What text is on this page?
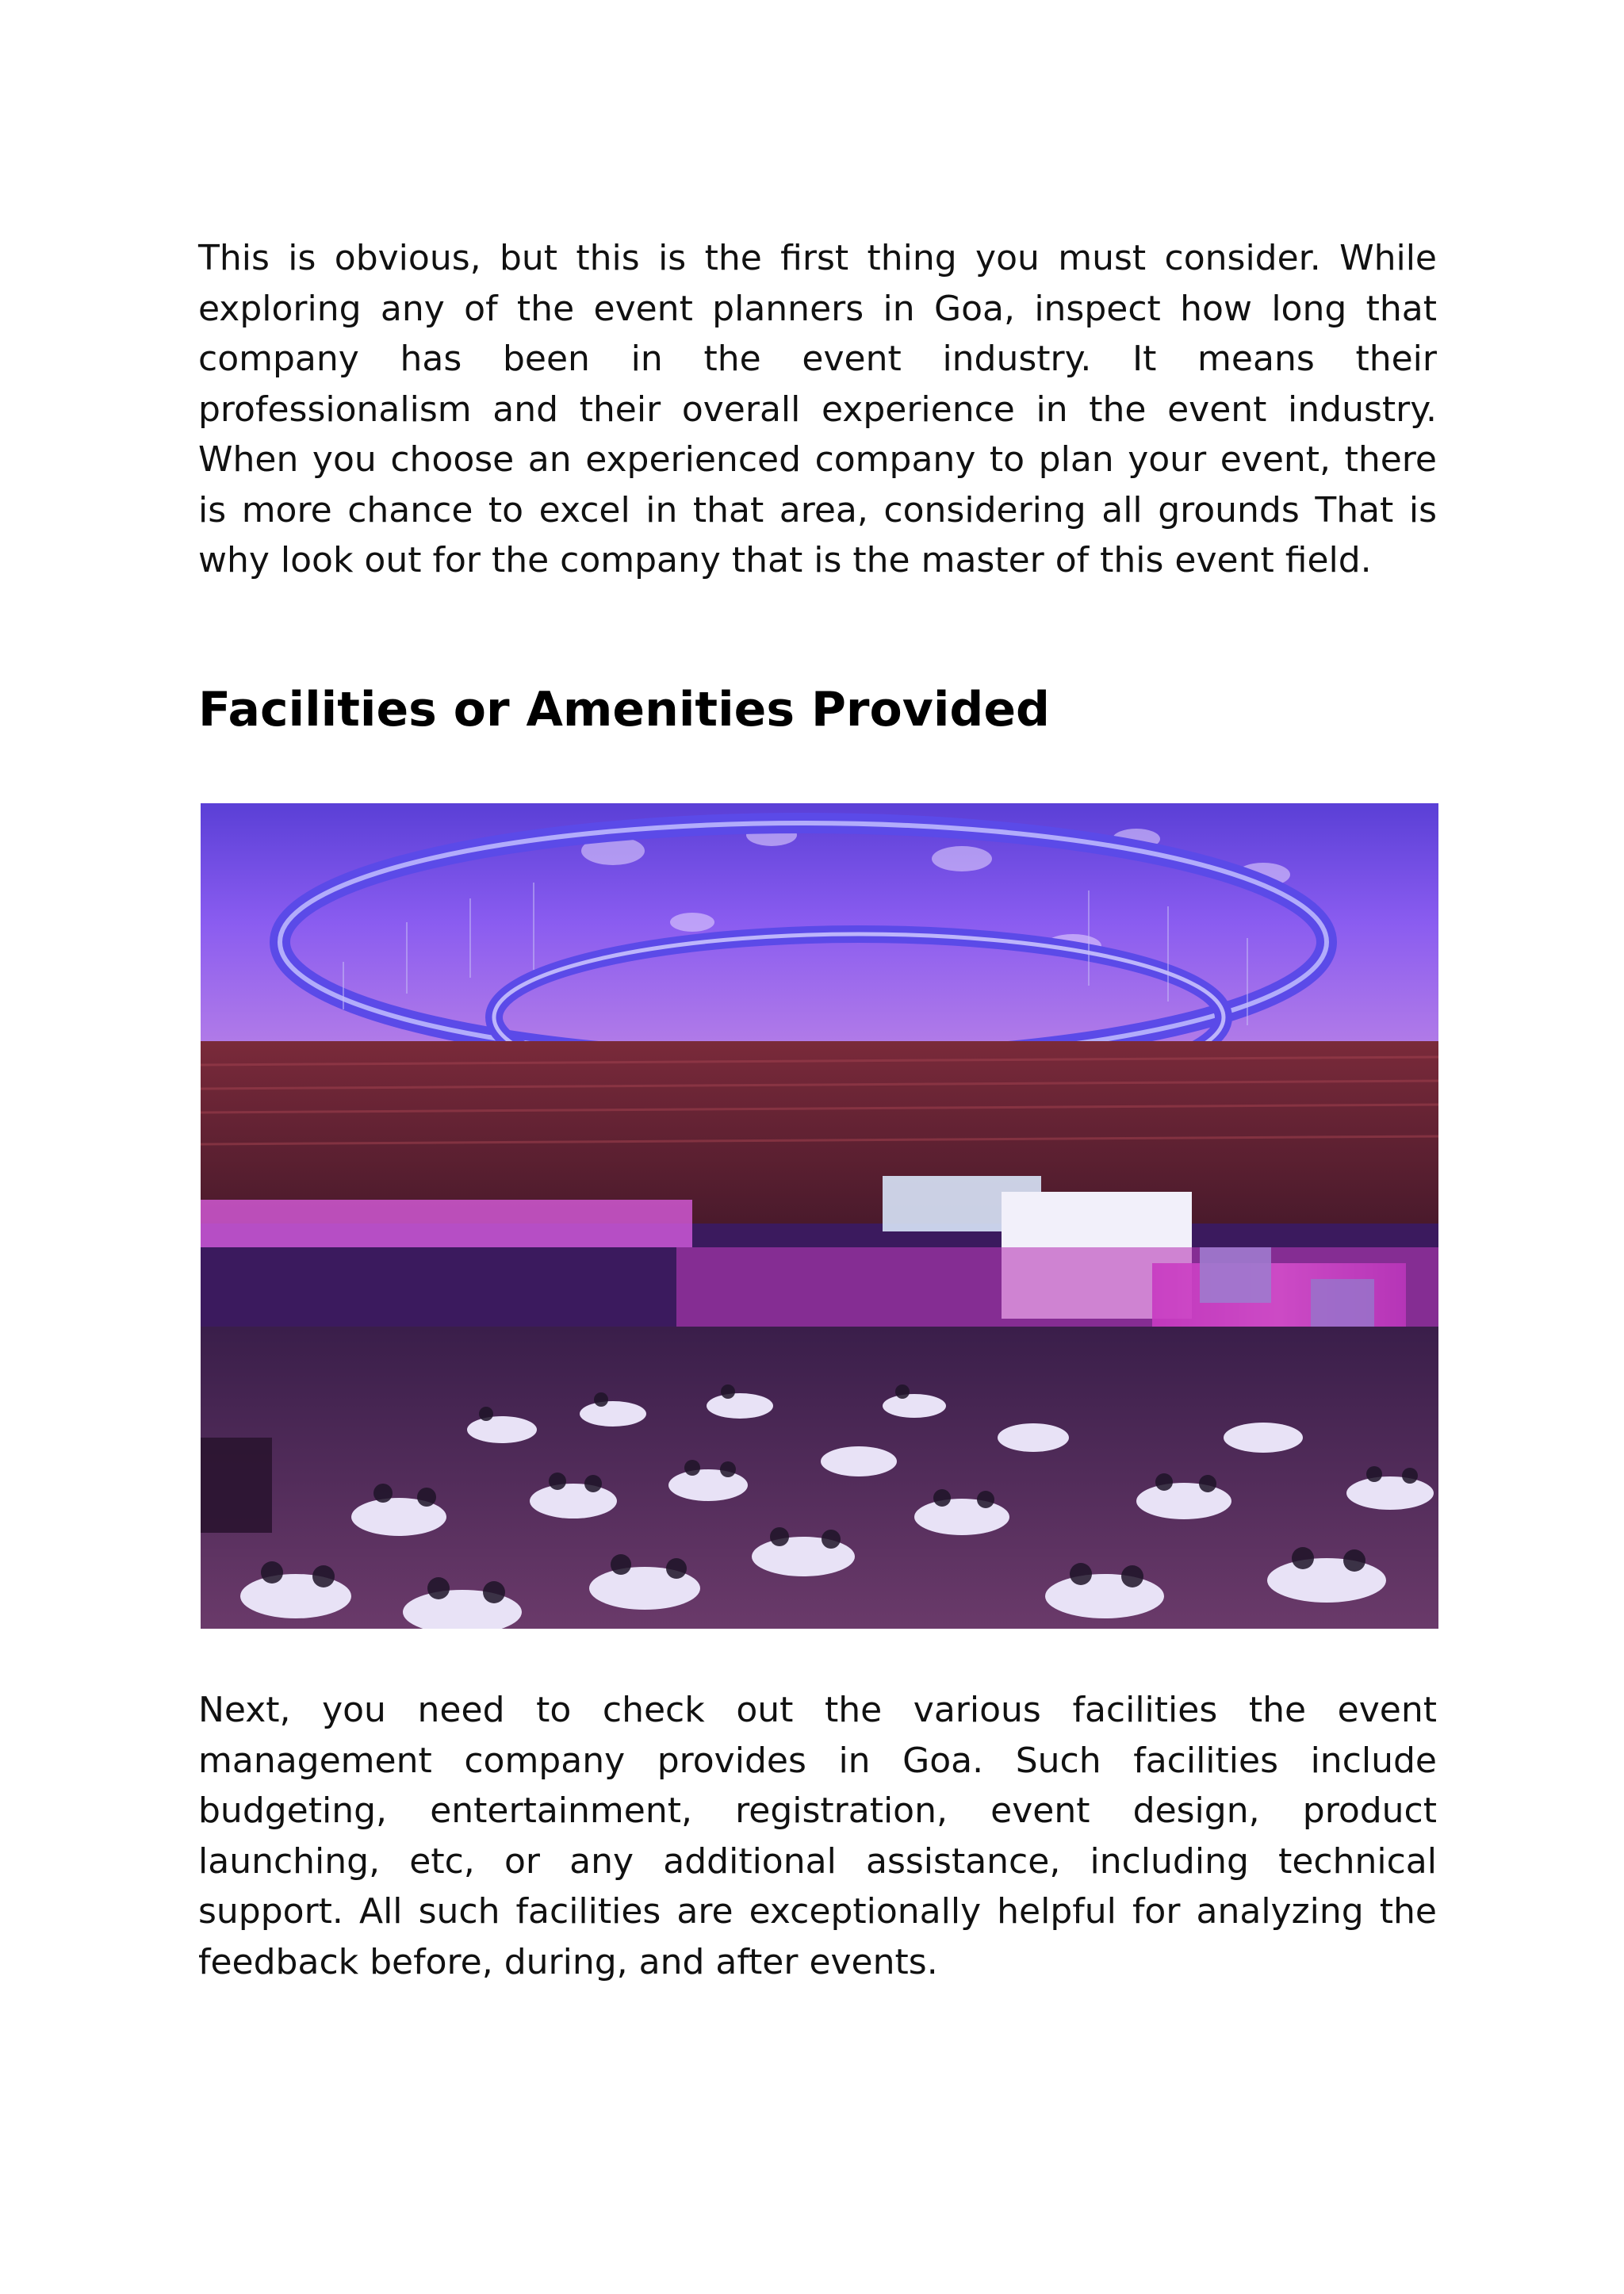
This is obvious, but this is the first thing you must consider. While exploring any of the event planners in Goa, inspect how long that company has been in the event industry. It means their professionalism and their overall experience in the event industry. When you choose an experienced company to plan your event, there is more chance to excel in that area, considering all grounds That is why look out for the company that is the master of this event field.

Facilities or Amenities Provided

Next, you need to check out the various facilities the event management company provides in Goa. Such facilities include budgeting, entertainment, registration, event design, product launching, etc, or any additional assistance, including technical support. All such facilities are exceptionally helpful for analyzing the feedback before, during, and after events.
